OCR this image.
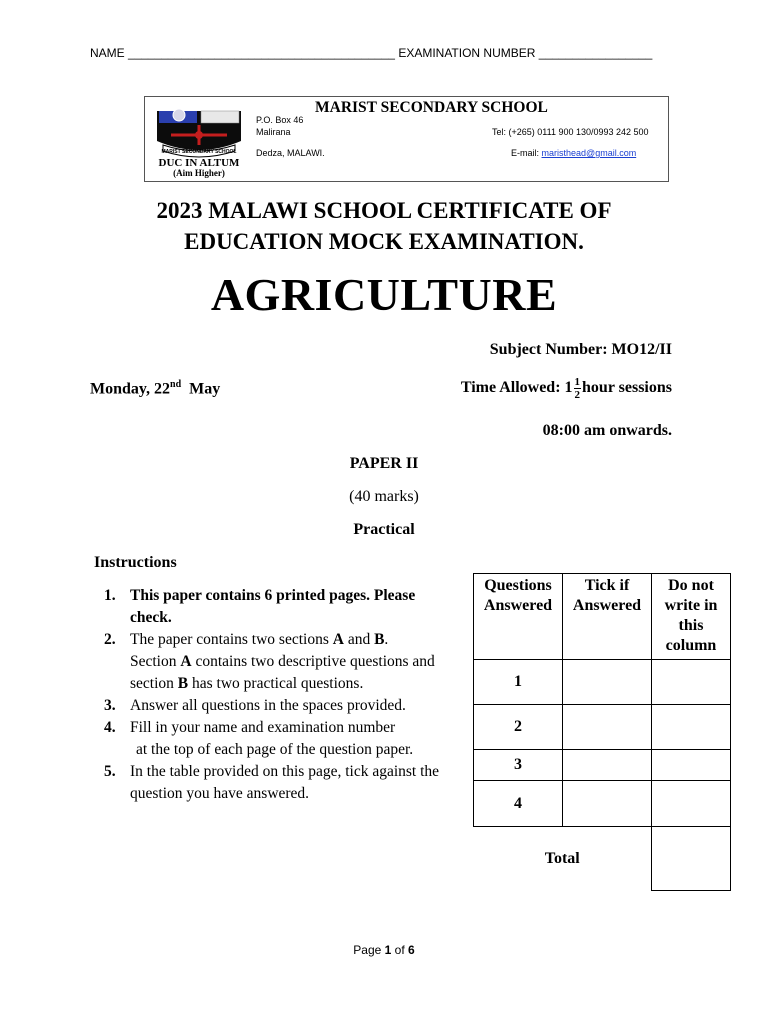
NAME ________________________________________ EXAMINATION NUMBER _________________
MARIST SECONDARY SCHOOL
DUC IN ALTUM
(Aim Higher)
MARIST SECONDARY SCHOOL
P.O. Box 46
Malirana	Tel: (+265) 0111 900 130/0993 242 500
Dedza, MALAWI.	E-mail: maristhead@gmail.com
2023 MALAWI SCHOOL CERTIFICATE OF
EDUCATION MOCK EXAMINATION.
AGRICULTURE
Subject Number: MO12/II
Monday, 22nd May	Time Allowed: $1 \frac{1}{2}$ hour sessions
08:00 am onwards.
PAPER II
(40 marks)
Practical
Instructions
1. This paper contains 6 printed pages. Please check.
2. The paper contains two sections A and B.
Section A contains two descriptive questions and section B has two practical questions.
3. Answer all questions in the spaces provided.
4. Fill in your name and examination number
at the top of each page of the question paper.
5. In the table provided on this page, tick against the question you have answered.
Questions Answered	Tick if Answered	Do not write in this column
1		
2		
3		
4		
Total		
Page 1 of 6
